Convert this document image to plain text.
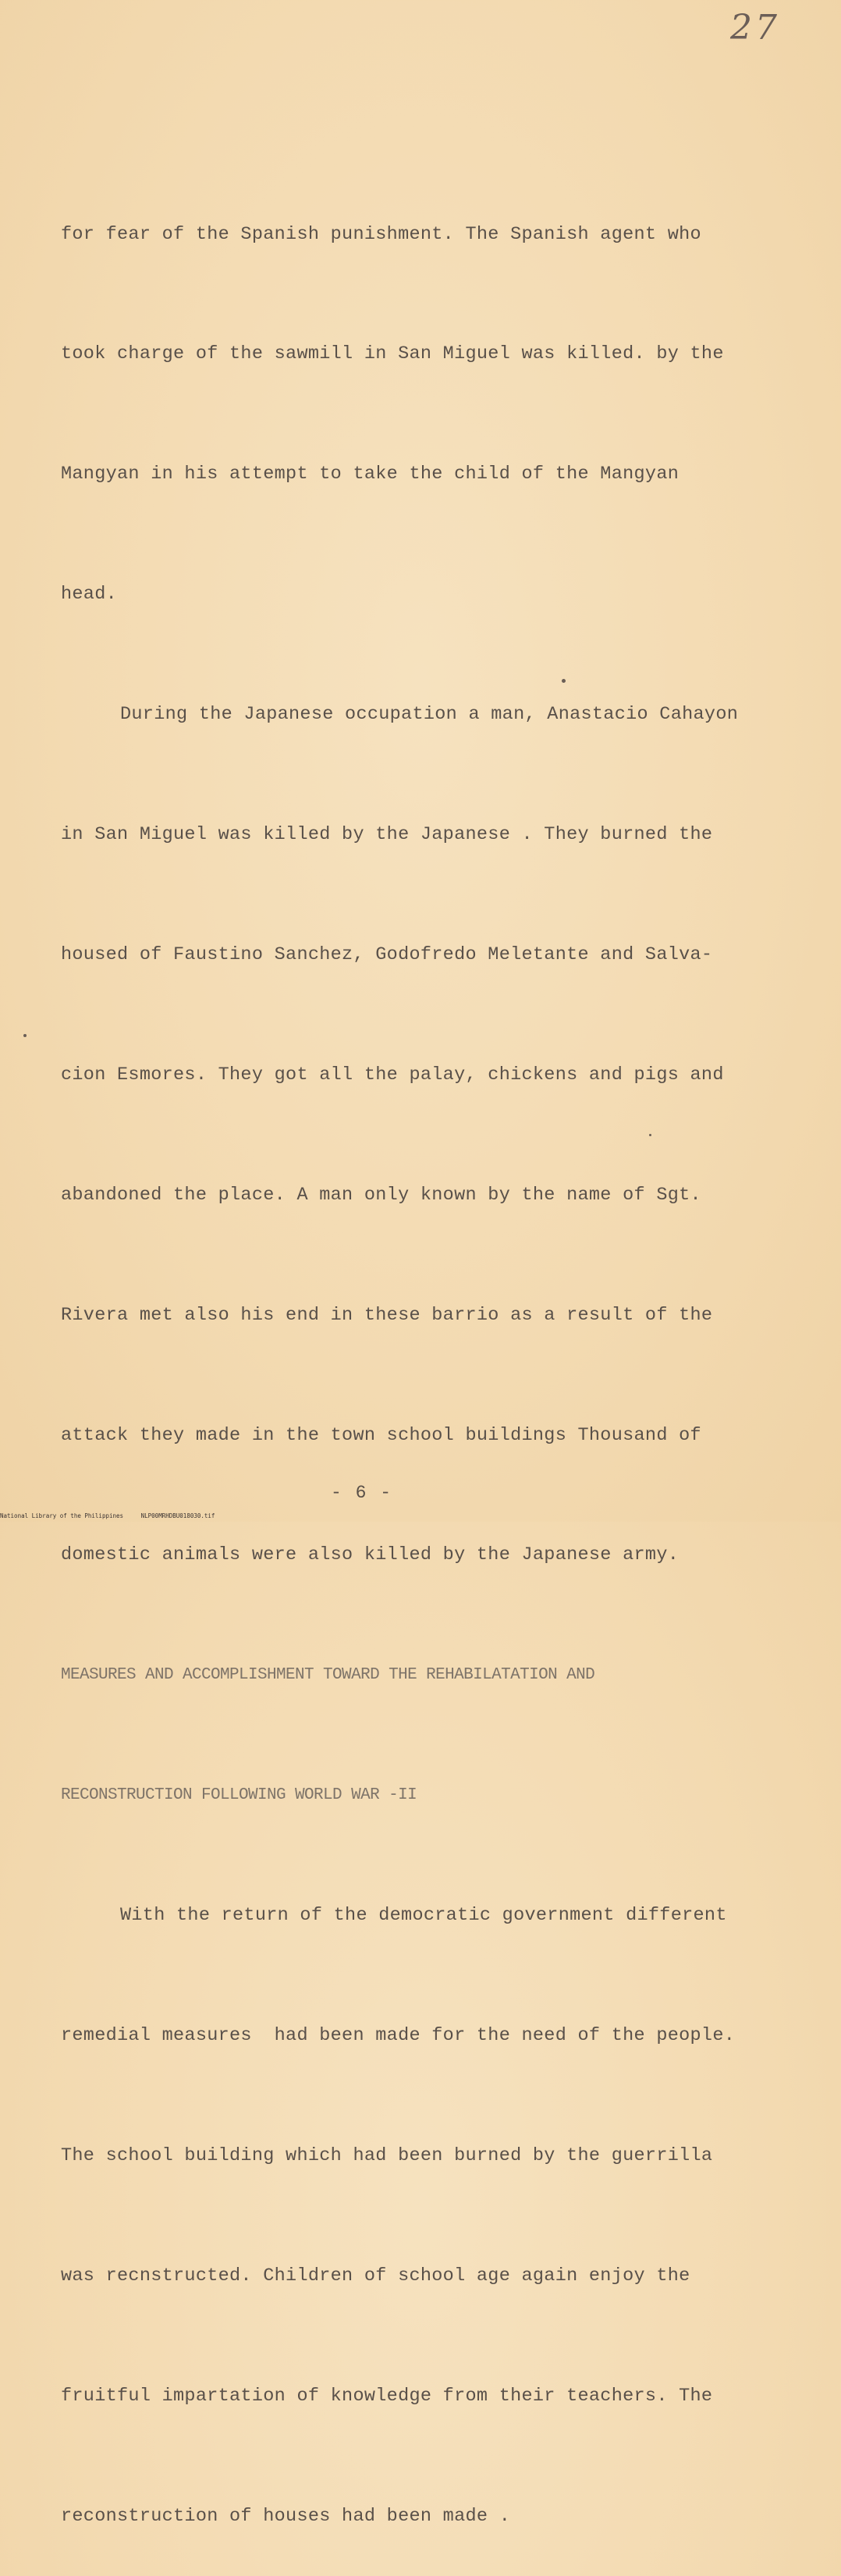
27

for fear of the Spanish punishment. The Spanish agent who

took charge of the sawmill in San Miguel was killed. by the

Mangyan in his attempt to take the child of the Mangyan

head.

During the Japanese occupation a man, Anastacio Cahayon

in San Miguel was killed by the Japanese . They burned the

housed of Faustino Sanchez, Godofredo Meletante and Salva-

cion Esmores. They got all the palay, chickens and pigs and

abandoned the place. A man only known by the name of Sgt.

Rivera met also his end in these barrio as a result of the

attack they made in the town school buildings Thousand of

domestic animals were also killed by the Japanese army.

MEASURES AND ACCOMPLISHMENT TOWARD THE REHABILATATION AND

RECONSTRUCTION FOLLOWING WORLD WAR -II

With the return of the democratic government different

remedial measures  had been made for the need of the people.

The school building which had been burned by the guerrilla

was recnstructed. Children of school age again enjoy the

fruitful impartation of knowledge from their teachers. The

reconstruction of houses had been made .

- 6 -
National Library of the Philippines     NLP00MRHDBU018030.tif
